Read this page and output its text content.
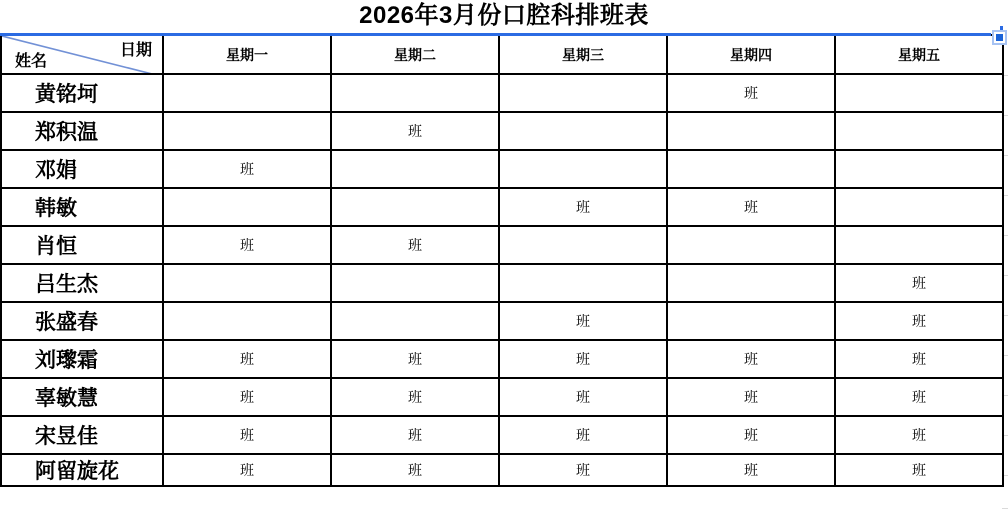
2026年3月份口腔科排班表
日期
姓名	星期一	星期二	星期三	星期四	星期五
黄铭坷				班	
郑积温		班			
邓娟	班				
韩敏			班	班	
肖恒	班	班			
吕生杰					班
张盛春			班		班
刘瓈霜	班	班	班	班	班
辜敏慧	班	班	班	班	班
宋昱佳	班	班	班	班	班
阿留旋花	班	班	班	班	班
